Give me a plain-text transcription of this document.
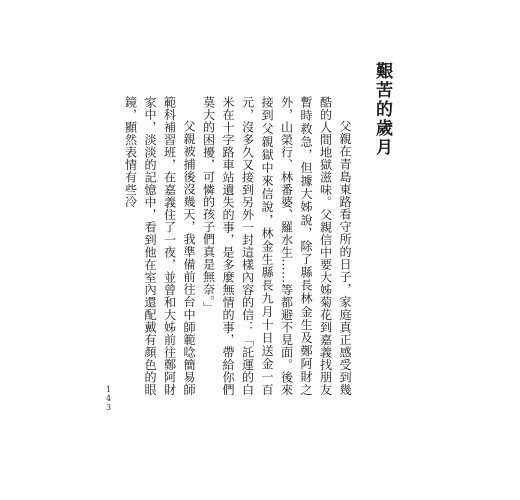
艱苦的歲月

父親在青島東路看守所的日子，家庭真正感受到幾酷的人間地獄滋味。父親信中要大姊菊花到嘉義找朋友暫時救急，但據大姊說，除了縣長林金生及鄭阿財之外，山榮行、林番婆、羅水生……等都避不見面。後來接到父親獄中來信說，林金生縣長九月十日送金一百元，沒多久又接到另外一封這樣內容的信：「託運的白米在十字路車站遺失的事，是多麼無情的事，帶給你們莫大的困擾，可憐的孩子們真是無奈。」

父親被捕後沒幾天，我準備前往台中師範唸簡易師範科補習班，在嘉義住了一夜，並曾和大姊前往鄭阿財家中，淡淡的記憶中，看到他在室內還配戴有顏色的眼鏡，顯然表情有些冷

143
